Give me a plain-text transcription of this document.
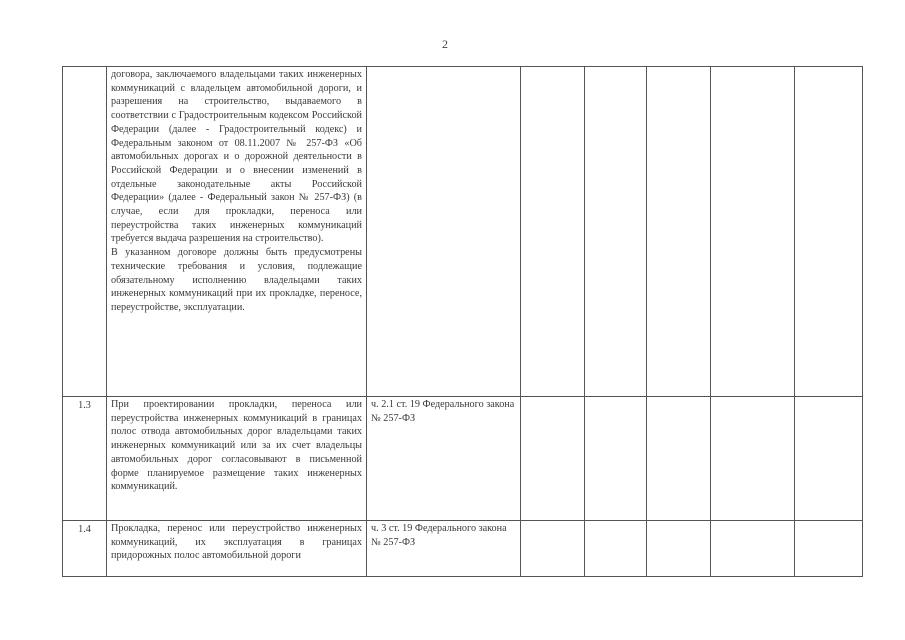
2

	договора, заключаемого владельцами таких инженерных коммуникаций с владельцем автомобильной дороги, и разрешения на строительство, выдаваемого в соответствии с Градостроительным кодексом Российской Федерации (далее - Градостроительный кодекс) и Федеральным законом от 08.11.2007 № 257-ФЗ «Об автомобильных дорогах и о дорожной деятельности в Российской Федерации и о внесении изменений в отдельные законодательные акты Российской Федерации» (далее - Федеральный закон № 257-ФЗ) (в случае, если для прокладки, переноса или переустройства таких инженерных коммуникаций требуется выдача разрешения на строительство).
В указанном договоре должны быть предусмотрены технические требования и условия, подлежащие обязательному исполнению владельцами таких инженерных коммуникаций при их прокладке, переносе, переустройстве, эксплуатации.						

1.3	При проектировании прокладки, переноса или переустройства инженерных коммуникаций в границах полос отвода автомобильных дорог владельцами таких инженерных коммуникаций или за их счет владельцы автомобильных дорог согласовывают в письменной форме планируемое размещение таких инженерных коммуникаций.	ч. 2.1 ст. 19 Федерального закона № 257-ФЗ					
1.4	Прокладка, перенос или переустройство инженерных коммуникаций, их эксплуатация в границах придорожных полос автомобильной дороги	ч. 3 ст. 19 Федерального закона № 257-ФЗ					
